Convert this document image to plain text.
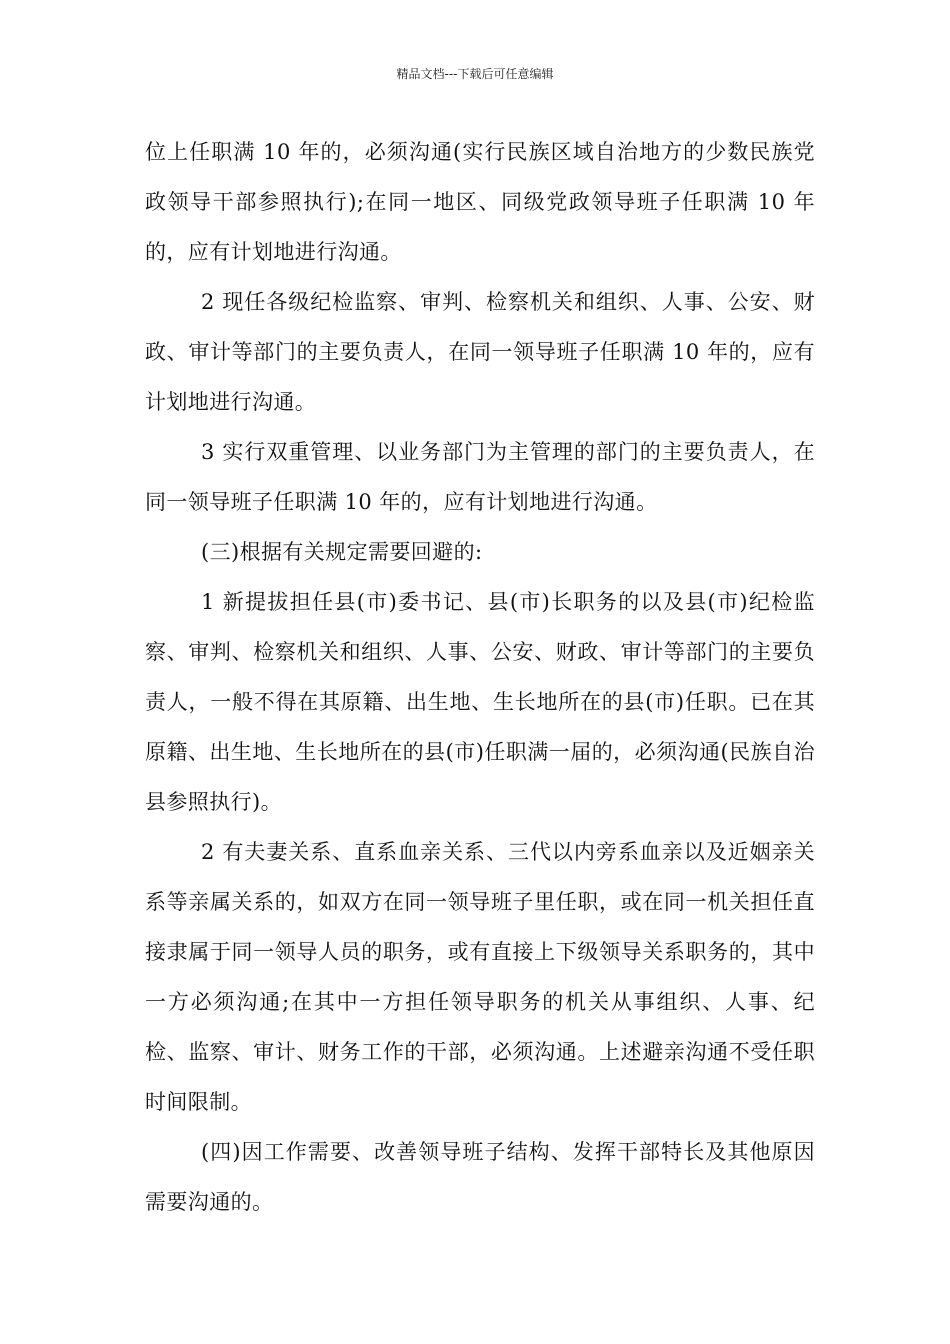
精品文档---下载后可任意编辑

位上任职满 10 年的，必须沟通(实行民族区域自治地方的少数民族党政领导干部参照执行);在同一地区、同级党政领导班子任职满 10 年的，应有计划地进行沟通。

2 现任各级纪检监察、审判、检察机关和组织、人事、公安、财政、审计等部门的主要负责人，在同一领导班子任职满 10 年的，应有计划地进行沟通。

3 实行双重管理、以业务部门为主管理的部门的主要负责人，在同一领导班子任职满 10 年的，应有计划地进行沟通。

(三)根据有关规定需要回避的:

1 新提拔担任县(市)委书记、县(市)长职务的以及县(市)纪检监察、审判、检察机关和组织、人事、公安、财政、审计等部门的主要负责人，一般不得在其原籍、出生地、生长地所在的县(市)任职。已在其原籍、出生地、生长地所在的县(市)任职满一届的，必须沟通(民族自治县参照执行)。

2 有夫妻关系、直系血亲关系、三代以内旁系血亲以及近姻亲关系等亲属关系的，如双方在同一领导班子里任职，或在同一机关担任直接隶属于同一领导人员的职务，或有直接上下级领导关系职务的，其中一方必须沟通;在其中一方担任领导职务的机关从事组织、人事、纪检、监察、审计、财务工作的干部，必须沟通。上述避亲沟通不受任职时间限制。

(四)因工作需要、改善领导班子结构、发挥干部特长及其他原因需要沟通的。
